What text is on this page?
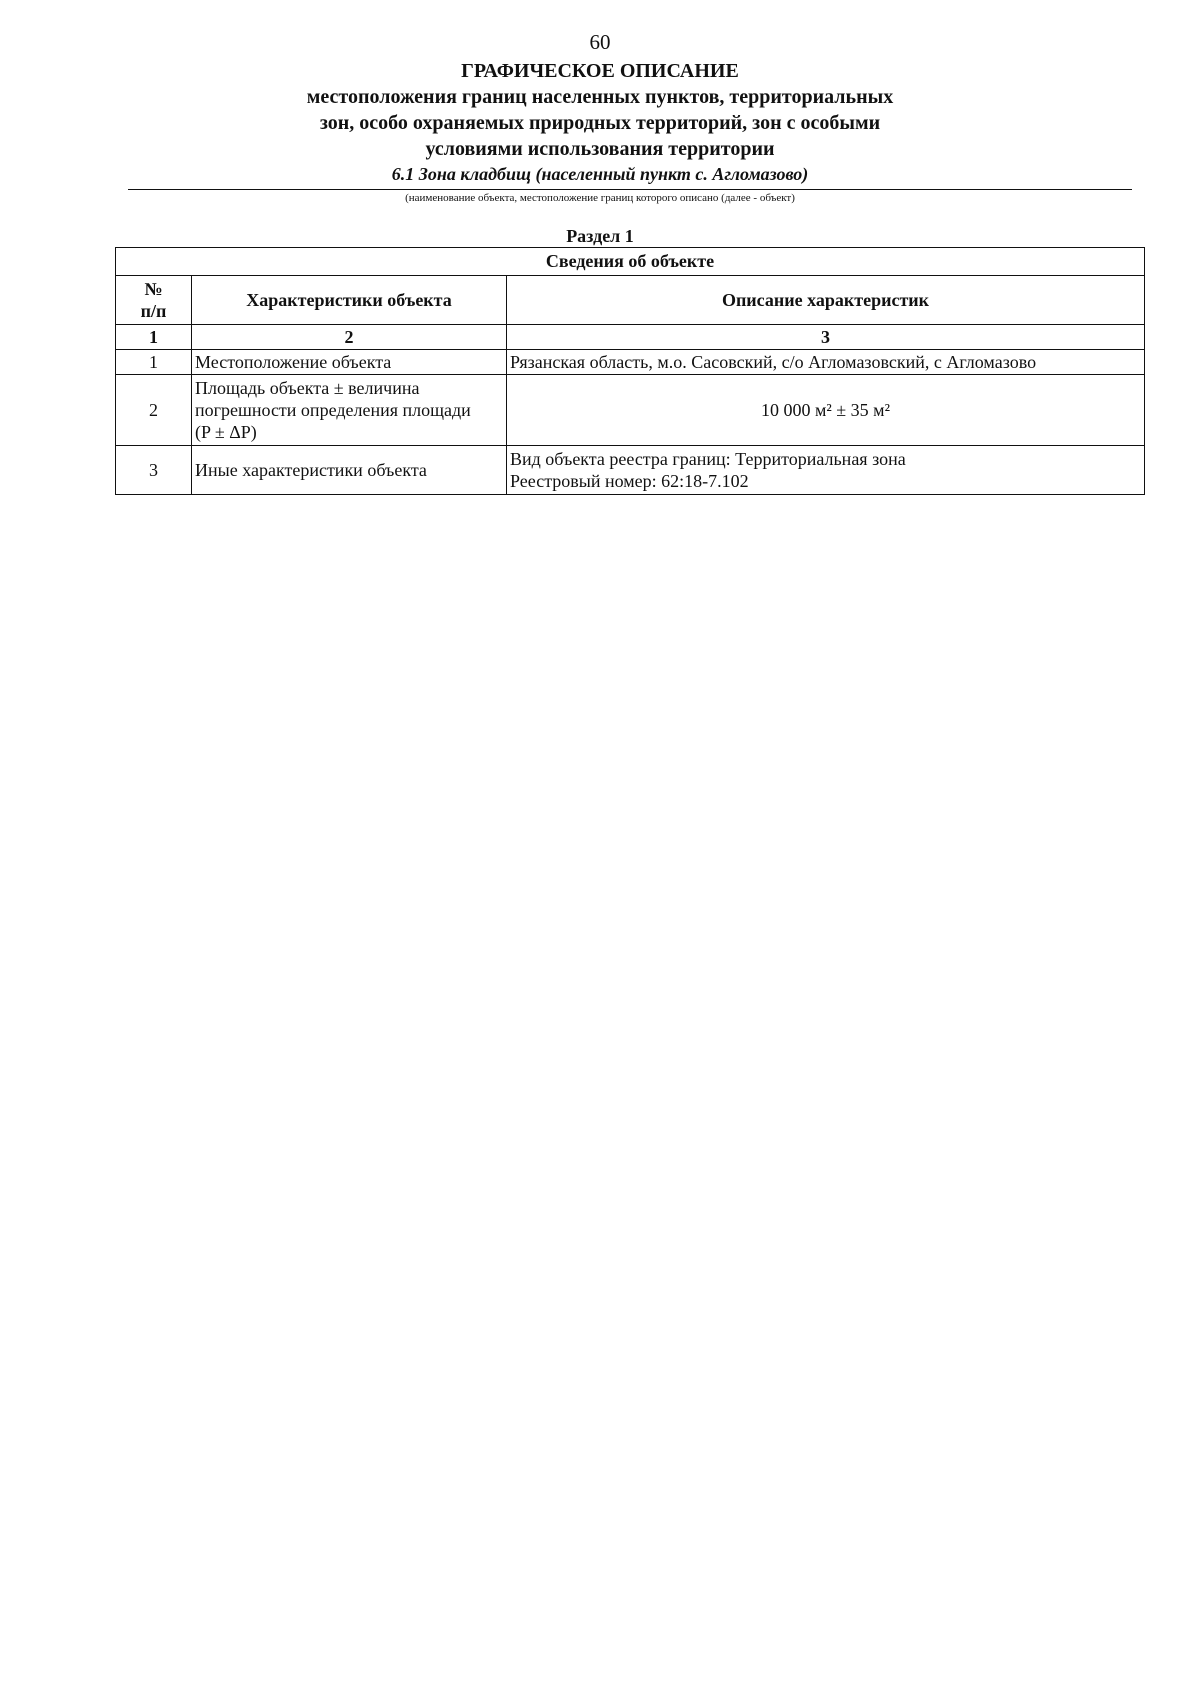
60
ГРАФИЧЕСКОЕ ОПИСАНИЕ
местоположения границ населенных пунктов, территориальных
зон, особо охраняемых природных территорий, зон с особыми
условиями использования территории
6.1 Зона кладбищ (населенный пункт с. Агломазово)
(наименование объекта, местоположение границ которого описано (далее - объект)
Раздел 1
Сведения об объекте		

№
п/п	Характеристики объекта	Описание характеристик
1	2	3
1	Местоположение объекта	Рязанская область, м.о. Сасовский, с/о Агломазовский, с Агломазово
2	Площадь объекта ± величина
погрешности определения площади
(P ± ΔP)	10 000 м² ± 35 м²
3	Иные характеристики объекта	Вид объекта реестра границ: Территориальная зона
Реестровый номер: 62:18-7.102
